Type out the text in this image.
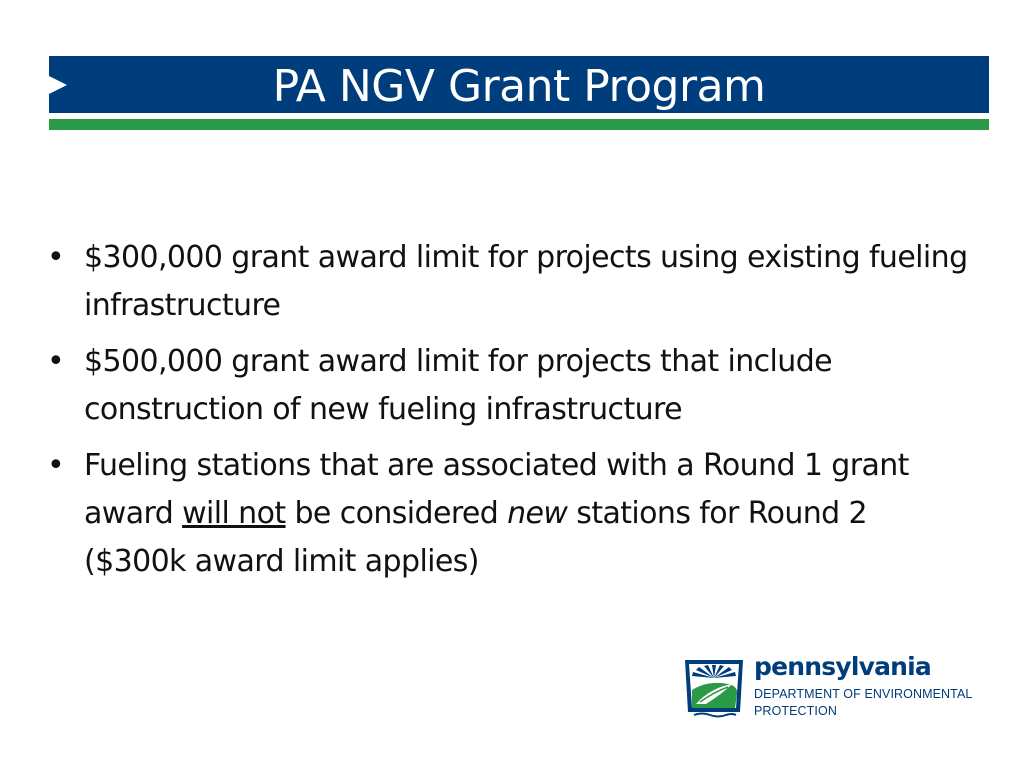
PA NGV Grant Program
• $300,000 grant award limit for projects using existing fueling infrastructure
• $500,000 grant award limit for projects that include construction of new fueling infrastructure
• Fueling stations that are associated with a Round 1 grant award will not be considered new stations for Round 2 ($300k award limit applies)
pennsylvania
DEPARTMENT OF ENVIRONMENTAL
PROTECTION
